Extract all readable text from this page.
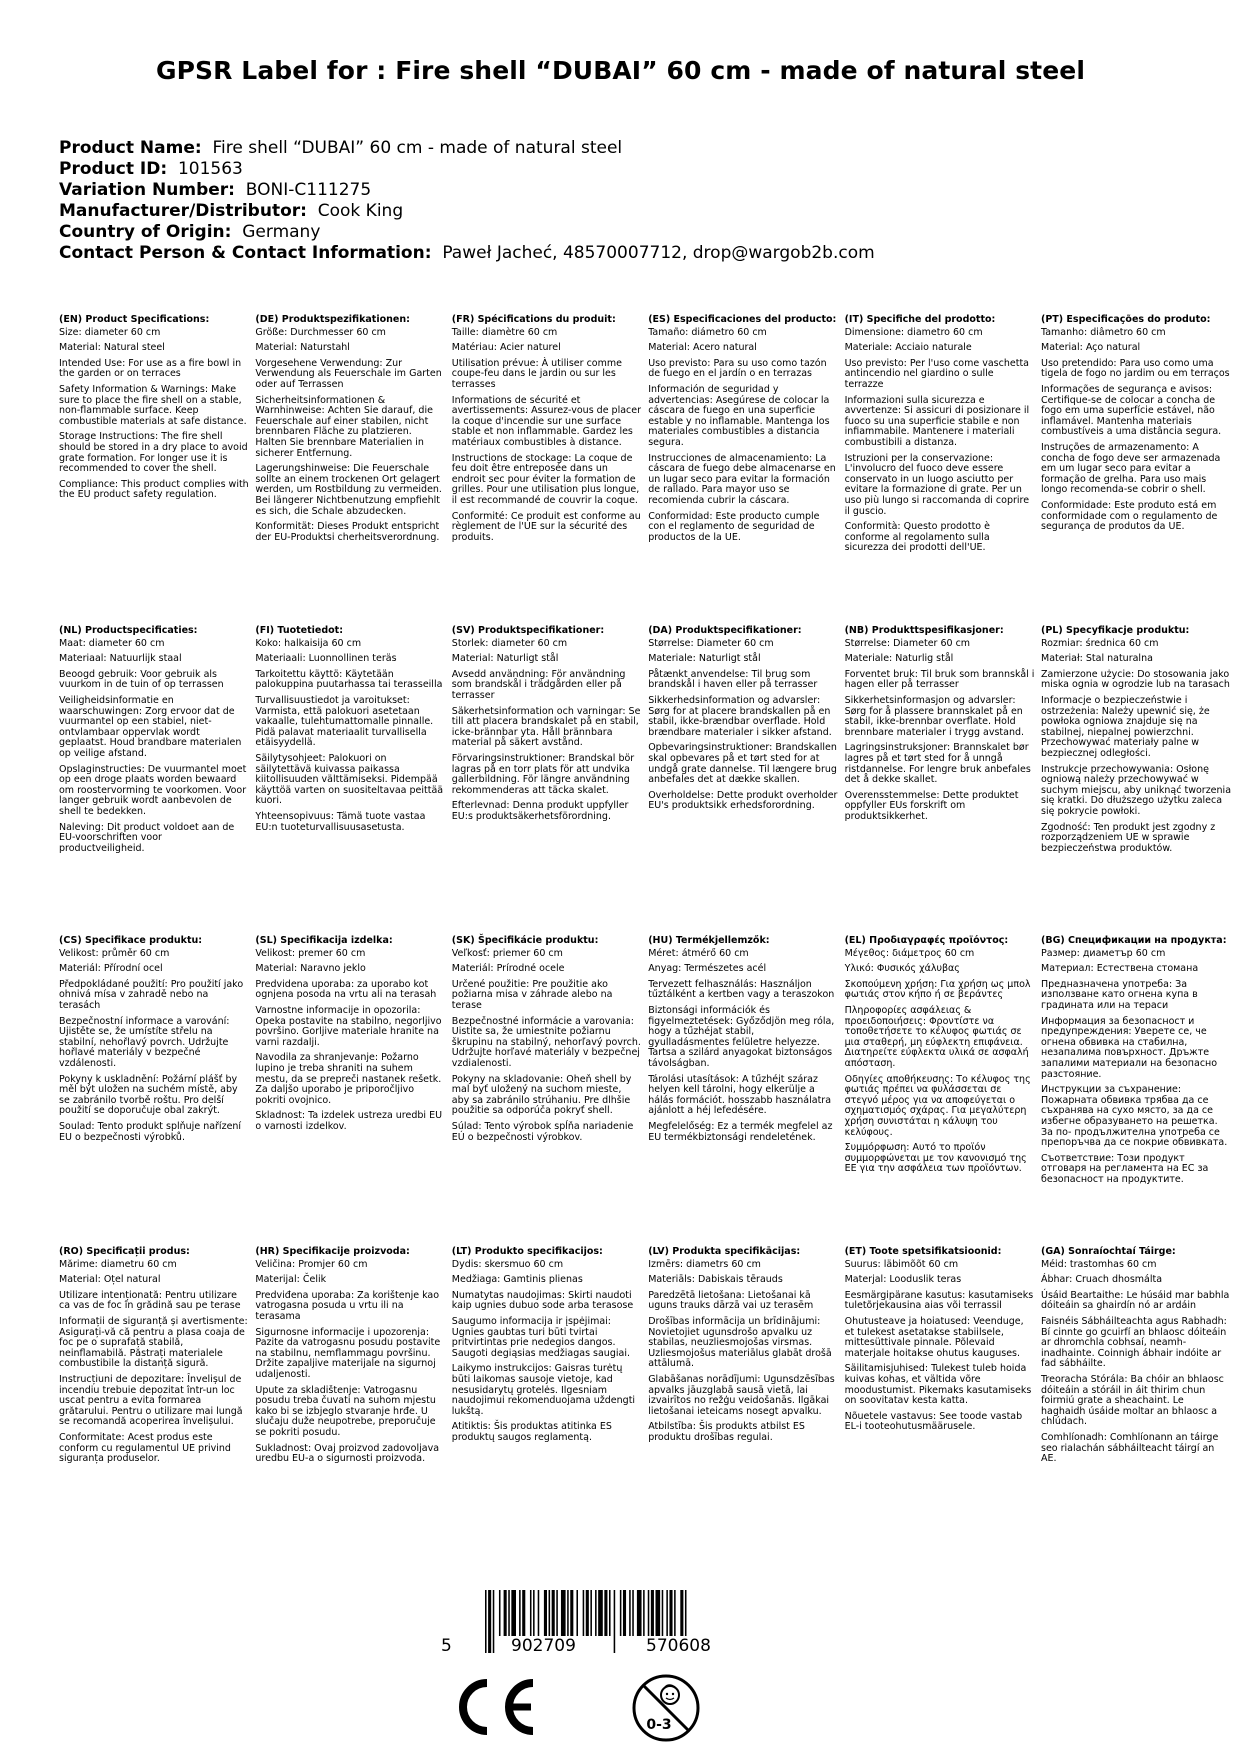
GPSR Label for : Fire shell “DUBAI” 60 cm - made of natural steel
Product Name: Fire shell “DUBAI” 60 cm - made of natural steel
Product ID: 101563
Variation Number: BONI-C111275
Manufacturer/Distributor: Cook King
Country of Origin: Germany
Contact Person & Contact Information: Paweł Jacheć, 48570007712, drop@wargob2b.com
(EN) Product Specifications:
Size: diameter 60 cm
Material: Natural steel
Intended Use: For use as a fire bowl in the garden or on terraces
Safety Information & Warnings: Make sure to place the fire shell on a stable, non-flammable surface. Keep combustible materials at safe distance.
Storage Instructions: The fire shell should be stored in a dry place to avoid grate formation. For longer use it is recommended to cover the shell.
Compliance: This product complies with the EU product safety regulation.
(DE) Produktspezifikationen:
Größe: Durchmesser 60 cm
Material: Naturstahl
Vorgesehene Verwendung: Zur Verwendung als Feuerschale im Garten oder auf Terrassen
Sicherheitsinformationen & Warnhinweise: Achten Sie darauf, die Feuerschale auf einer stabilen, nicht brennbaren Fläche zu platzieren. Halten Sie brennbare Materialien in sicherer Entfernung.
Lagerungshinweise: Die Feuerschale sollte an einem trockenen Ort gelagert werden, um Rostbildung zu vermeiden. Bei längerer Nichtbenutzung empfiehlt es sich, die Schale abzudecken.
Konformität: Dieses Produkt entspricht der EU-Produktsi cherheitsverordnung.
(FR) Spécifications du produit:
Taille: diamètre 60 cm
Matériau: Acier naturel
Utilisation prévue: À utiliser comme coupe-feu dans le jardin ou sur les terrasses
Informations de sécurité et avertissements: Assurez-vous de placer la coque d'incendie sur une surface stable et non inflammable. Gardez les matériaux combustibles à distance.
Instructions de stockage: La coque de feu doit être entreposée dans un endroit sec pour éviter la formation de grilles. Pour une utilisation plus longue, il est recommandé de couvrir la coque.
Conformité: Ce produit est conforme au règlement de l'UE sur la sécurité des produits.
(ES) Especificaciones del producto:
Tamaño: diámetro 60 cm
Material: Acero natural
Uso previsto: Para su uso como tazón de fuego en el jardín o en terrazas
Información de seguridad y advertencias: Asegúrese de colocar la cáscara de fuego en una superficie estable y no inflamable. Mantenga los materiales combustibles a distancia segura.
Instrucciones de almacenamiento: La cáscara de fuego debe almacenarse en un lugar seco para evitar la formación de rallado. Para mayor uso se recomienda cubrir la cáscara.
Conformidad: Este producto cumple con el reglamento de seguridad de productos de la UE.
(IT) Specifiche del prodotto:
Dimensione: diametro 60 cm
Materiale: Acciaio naturale
Uso previsto: Per l'uso come vaschetta antincendio nel giardino o sulle terrazze
Informazioni sulla sicurezza e avvertenze: Si assicuri di posizionare il fuoco su una superficie stabile e non infiammabile. Mantenere i materiali combustibili a distanza.
Istruzioni per la conservazione: L'involucro del fuoco deve essere conservato in un luogo asciutto per evitare la formazione di grate. Per un uso più lungo si raccomanda di coprire il guscio.
Conformità: Questo prodotto è conforme al regolamento sulla sicurezza dei prodotti dell'UE.
(PT) Especificações do produto:
Tamanho: diâmetro 60 cm
Material: Aço natural
Uso pretendido: Para uso como uma tigela de fogo no jardim ou em terraços
Informações de segurança e avisos: Certifique-se de colocar a concha de fogo em uma superfície estável, não inflamável. Mantenha materiais combustíveis a uma distância segura.
Instruções de armazenamento: A concha de fogo deve ser armazenada em um lugar seco para evitar a formação de grelha. Para uso mais longo recomenda-se cobrir o shell.
Conformidade: Este produto está em conformidade com o regulamento de segurança de produtos da UE.
(NL) Productspecificaties:
Maat: diameter 60 cm
Materiaal: Natuurlijk staal
Beoogd gebruik: Voor gebruik als vuurkom in de tuin of op terrassen
Veiligheidsinformatie en waarschuwingen: Zorg ervoor dat de vuurmantel op een stabiel, niet-ontvlambaar oppervlak wordt geplaatst. Houd brandbare materialen op veilige afstand.
Opslaginstructies: De vuurmantel moet op een droge plaats worden bewaard om roostervorming te voorkomen. Voor langer gebruik wordt aanbevolen de shell te bedekken.
Naleving: Dit product voldoet aan de EU-voorschriften voor productveiligheid.
(FI) Tuotetiedot:
Koko: halkaisija 60 cm
Materiaali: Luonnollinen teräs
Tarkoitettu käyttö: Käytetään palokuppina puutarhassa tai terasseilla
Turvallisuustiedot ja varoitukset: Varmista, että palokuori asetetaan vakaalle, tulehtumattomalle pinnalle. Pidä palavat materiaalit turvallisella etäisyydellä.
Säilytysohjeet: Palokuori on säilytettävä kuivassa paikassa kiitollisuuden välttämiseksi. Pidempää käyttöä varten on suositeltavaa peittää kuori.
Yhteensopivuus: Tämä tuote vastaa EU:n tuoteturvallisuusasetusta.
(SV) Produktspecifikationer:
Storlek: diameter 60 cm
Material: Naturligt stål
Avsedd användning: För användning som brandskål i trädgården eller på terrasser
Säkerhetsinformation och varningar: Se till att placera brandskalet på en stabil, icke-brännbar yta. Håll brännbara material på säkert avstånd.
Förvaringsinstruktioner: Brandskal bör lagras på en torr plats för att undvika gallerbildning. För längre användning rekommenderas att täcka skalet.
Efterlevnad: Denna produkt uppfyller EU:s produktsäkerhetsförordning.
(DA) Produktspecifikationer:
Størrelse: Diameter 60 cm
Materiale: Naturligt stål
Påtænkt anvendelse: Til brug som brandskål i haven eller på terrasser
Sikkerhedsinformation og advarsler: Sørg for at placere brandskallen på en stabil, ikke-brændbar overflade. Hold brændbare materialer i sikker afstand.
Opbevaringsinstruktioner: Brandskallen skal opbevares på et tørt sted for at undgå grate dannelse. Til længere brug anbefales det at dække skallen.
Overholdelse: Dette produkt overholder EU's produktsikk erhedsforordning.
(NB) Produkttspesifikasjoner:
Størrelse: Diameter 60 cm
Materiale: Naturlig stål
Forventet bruk: Til bruk som brannskål i hagen eller på terrasser
Sikkerhetsinformasjon og advarsler: Sørg for å plassere brannskalet på en stabil, ikke-brennbar overflate. Hold brennbare materialer i trygg avstand.
Lagringsinstruksjoner: Brannskalet bør lagres på et tørt sted for å unngå ristdannelse. For lengre bruk anbefales det å dekke skallet.
Overensstemmelse: Dette produktet oppfyller EUs forskrift om produktsikkerhet.
(PL) Specyfikacje produktu:
Rozmiar: średnica 60 cm
Materiał: Stal naturalna
Zamierzone użycie: Do stosowania jako miska ognia w ogrodzie lub na tarasach
Informacje o bezpieczeństwie i ostrzeżenia: Należy upewnić się, że powłoka ogniowa znajduje się na stabilnej, niepalnej powierzchni. Przechowywać materiały palne w bezpiecznej odległości.
Instrukcje przechowywania: Osłonę ogniową należy przechowywać w suchym miejscu, aby uniknąć tworzenia się kratki. Do dłuższego użytku zaleca się pokrycie powłoki.
Zgodność: Ten produkt jest zgodny z rozporządzeniem UE w sprawie bezpieczeństwa produktów.
(CS) Specifikace produktu:
Velikost: průměr 60 cm
Materiál: Přírodní ocel
Předpokládané použití: Pro použití jako ohnivá mísa v zahradě nebo na terasách
Bezpečnostní informace a varování: Ujistěte se, že umístíte střelu na stabilní, nehořlavý povrch. Udržujte hořlavé materiály v bezpečné vzdálenosti.
Pokyny k uskladnění: Požární plášť by měl být uložen na suchém místě, aby se zabránilo tvorbě roštu. Pro delší použití se doporučuje obal zakrýt.
Soulad: Tento produkt splňuje nařízení EU o bezpečnosti výrobků.
(SL) Specifikacija izdelka:
Velikost: premer 60 cm
Material: Naravno jeklo
Predvidena uporaba: za uporabo kot ognjena posoda na vrtu ali na terasah
Varnostne informacije in opozorila: Opeka postavite na stabilno, negorljivo površino. Gorljive materiale hranite na varni razdalji.
Navodila za shranjevanje: Požarno lupino je treba shraniti na suhem mestu, da se prepreči nastanek rešetk. Za daljšo uporabo je priporočljivo pokriti ovojnico.
Skladnost: Ta izdelek ustreza uredbi EU o varnosti izdelkov.
(SK) Špecifikácie produktu:
Veľkosť: priemer 60 cm
Materiál: Prírodné ocele
Určené použitie: Pre použitie ako požiarna misa v záhrade alebo na terase
Bezpečnostné informácie a varovania: Uistite sa, že umiestnite požiarnu škrupinu na stabilný, nehorľavý povrch. Udržujte horľavé materiály v bezpečnej vzdialenosti.
Pokyny na skladovanie: Oheň shell by mal byť uložený na suchom mieste, aby sa zabránilo strúhaniu. Pre dlhšie použitie sa odporúča pokryť shell.
Súlad: Tento výrobok spĺňa nariadenie EÚ o bezpečnosti výrobkov.
(HU) Termékjellemzők:
Méret: átmérő 60 cm
Anyag: Természetes acél
Tervezett felhasználás: Használjon tűztálként a kertben vagy a teraszokon
Biztonsági információk és figyelmeztetések: Győződjön meg róla, hogy a tűzhéjat stabil, gyulladásmentes felületre helyezze. Tartsa a szilárd anyagokat biztonságos távolságban.
Tárolási utasítások: A tűzhéjt száraz helyen kell tárolni, hogy elkerülje a hálás formációt. hosszabb használatra ajánlott a héj lefedésére.
Megfelelőség: Ez a termék megfelel az EU termékbiztonsági rendeletének.
(EL) Προδιαγραφές προϊόντος:
Μέγεθος: διάμετρος 60 cm
Υλικό: Φυσικός χάλυβας
Σκοπούμενη χρήση: Για χρήση ως μπολ φωτιάς στον κήπο ή σε βεράντες
Πληροφορίες ασφάλειας & προειδοποιήσεις: Φροντίστε να τοποθετήσετε το κέλυφος φωτιάς σε μια σταθερή, μη εύφλεκτη επιφάνεια. Διατηρείτε εύφλεκτα υλικά σε ασφαλή απόσταση.
Οδηγίες αποθήκευσης: Το κέλυφος της φωτιάς πρέπει να φυλάσσεται σε στεγνό μέρος για να αποφεύγεται ο σχηματισμός σχάρας. Για μεγαλύτερη χρήση συνιστάται η κάλυψη του κελύφους.
Συμμόρφωση: Αυτό το προϊόν συμμορφώνεται με τον κανονισμό της ΕΕ για την ασφάλεια των προϊόντων.
(BG) Спецификации на продукта:
Размер: диаметър 60 cm
Материал: Естествена стомана
Предназначена употреба: За използване като огнена купа в градината или на тераси
Информация за безопасност и предупреждения: Уверете се, че огнена обвивка на стабилна, незапалима повърхност. Дръжте запалими материали на безопасно разстояние.
Инструкции за съхранение: Пожарната обвивка трябва да се съхранява на сухо място, за да се избегне образуването на решетка. За по- продължителна употреба се препоръчва да се покрие обвивката.
Съответствие: Този продукт отговаря на регламента на ЕС за безопасност на продуктите.
(RO) Specificații produs:
Mărime: diametru 60 cm
Material: Oțel natural
Utilizare intenționată: Pentru utilizare ca vas de foc în grădină sau pe terase
Informații de siguranță și avertismente: Asigurați-vă că pentru a plasa coaja de foc pe o suprafață stabilă, neinflamabilă. Păstrați materialele combustibile la distanță sigură.
Instrucțiuni de depozitare: Învelișul de incendiu trebuie depozitat într-un loc uscat pentru a evita formarea grătarului. Pentru o utilizare mai lungă se recomandă acoperirea învelișului.
Conformitate: Acest produs este conform cu regulamentul UE privind siguranța produselor.
(HR) Specifikacije proizvoda:
Veličina: Promjer 60 cm
Materijal: Čelik
Predviđena uporaba: Za korištenje kao vatrogasna posuda u vrtu ili na terasama
Sigurnosne informacije i upozorenja: Pazite da vatrogasnu posudu postavite na stabilnu, nemflammagu površinu. Držite zapaljive materijale na sigurnoj udaljenosti.
Upute za skladištenje: Vatrogasnu posudu treba čuvati na suhom mjestu kako bi se izbjeglo stvaranje hrđe. U slučaju duže neupotrebe, preporučuje se pokriti posudu.
Sukladnost: Ovaj proizvod zadovoljava uredbu EU-a o sigurnosti proizvoda.
(LT) Produkto specifikacijos:
Dydis: skersmuo 60 cm
Medžiaga: Gamtinis plienas
Numatytas naudojimas: Skirti naudoti kaip ugnies dubuo sode arba terasose
Saugumo informacija ir įspėjimai: Ugnies gaubtas turi būti tvirtai pritvirtintas prie nedegios dangos. Saugoti degiąsias medžiagas saugiai.
Laikymo instrukcijos: Gaisras turėtų būti laikomas sausoje vietoje, kad nesusidarytų grotelės. Ilgesniam naudojimui rekomenduojama uždengti lukštą.
Atitiktis: Šis produktas atitinka ES produktų saugos reglamentą.
(LV) Produkta specifikācijas:
Izmērs: diametrs 60 cm
Materiāls: Dabiskais tērauds
Paredzētā lietošana: Lietošanai kā uguns trauks dārzā vai uz terasēm
Drošības informācija un brīdinājumi: Novietojiet ugunsdrošo apvalku uz stabilas, neuzliesmojošas virsmas. Uzliesmojošus materiālus glabāt drošā attālumā.
Glabāšanas norādījumi: Ugunsdzēsības apvalks jāuzglabā sausā vietā, lai izvairītos no režģu veidošanās. Ilgākai lietošanai ieteicams nosegt apvalku.
Atbilstība: Šis produkts atbilst ES produktu drošības regulai.
(ET) Toote spetsifikatsioonid:
Suurus: läbimõõt 60 cm
Materjal: Looduslik teras
Eesmärgipärane kasutus: kasutamiseks tuletõrjekausina aias või terrassil
Ohutusteave ja hoiatused: Veenduge, et tulekest asetatakse stabiilsele, mittesüttivale pinnale. Põlevaid materjale hoitakse ohutus kauguses.
Säilitamisjuhised: Tulekest tuleb hoida kuivas kohas, et vältida võre moodustumist. Pikemaks kasutamiseks on soovitatav kesta katta.
Nõuetele vastavus: See toode vastab EL-i tooteohutusmäärusele.
(GA) Sonraíochtaí Táirge:
Méid: trastomhas 60 cm
Ábhar: Cruach dhosmálta
Úsáid Beartaithe: Le húsáid mar babhla dóiteáin sa ghairdín nó ar ardáin
Faisnéis Sábháilteachta agus Rabhadh: Bí cinnte go gcuirfí an bhlaosc dóiteáin ar dhromchla cobhsaí, neamh-inadhainte. Coinnigh ábhair indóite ar fad sábháilte.
Treoracha Stórála: Ba chóir an bhlaosc dóiteáin a stóráil in áit thirim chun foirmiú grate a sheachaint. Le haghaidh úsáide moltar an bhlaosc a chlúdach.
Comhlíonadh: Comhlíonann an táirge seo rialachán sábháilteacht táirgí an AE.
5	902709	570608
0-3
